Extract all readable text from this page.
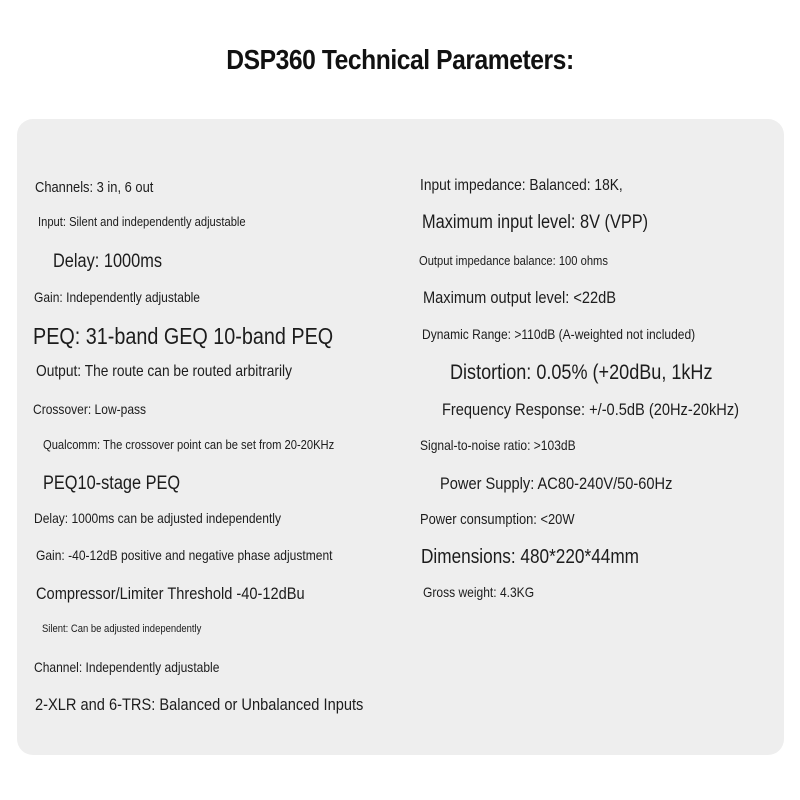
DSP360 Technical Parameters:
Channels: 3 in, 6 out
Input: Silent and independently adjustable
Delay: 1000ms
Gain: Independently adjustable
PEQ: 31-band GEQ 10-band PEQ
Output: The route can be routed arbitrarily
Crossover: Low-pass
Qualcomm: The crossover point can be set from 20-20KHz
PEQ10-stage PEQ
Delay: 1000ms can be adjusted independently
Gain: -40-12dB positive and negative phase adjustment
Compressor/Limiter Threshold -40-12dBu
Silent: Can be adjusted independently
Channel: Independently adjustable
2-XLR and 6-TRS: Balanced or Unbalanced Inputs
Input impedance: Balanced: 18K,
Maximum input level: 8V (VPP)
Output impedance balance: 100 ohms
Maximum output level: <22dB
Dynamic Range: >110dB (A-weighted not included)
Distortion: 0.05% (+20dBu, 1kHz
Frequency Response: +/-0.5dB (20Hz-20kHz)
Signal-to-noise ratio: >103dB
Power Supply: AC80-240V/50-60Hz
Power consumption: <20W
Dimensions: 480*220*44mm
Gross weight: 4.3KG
